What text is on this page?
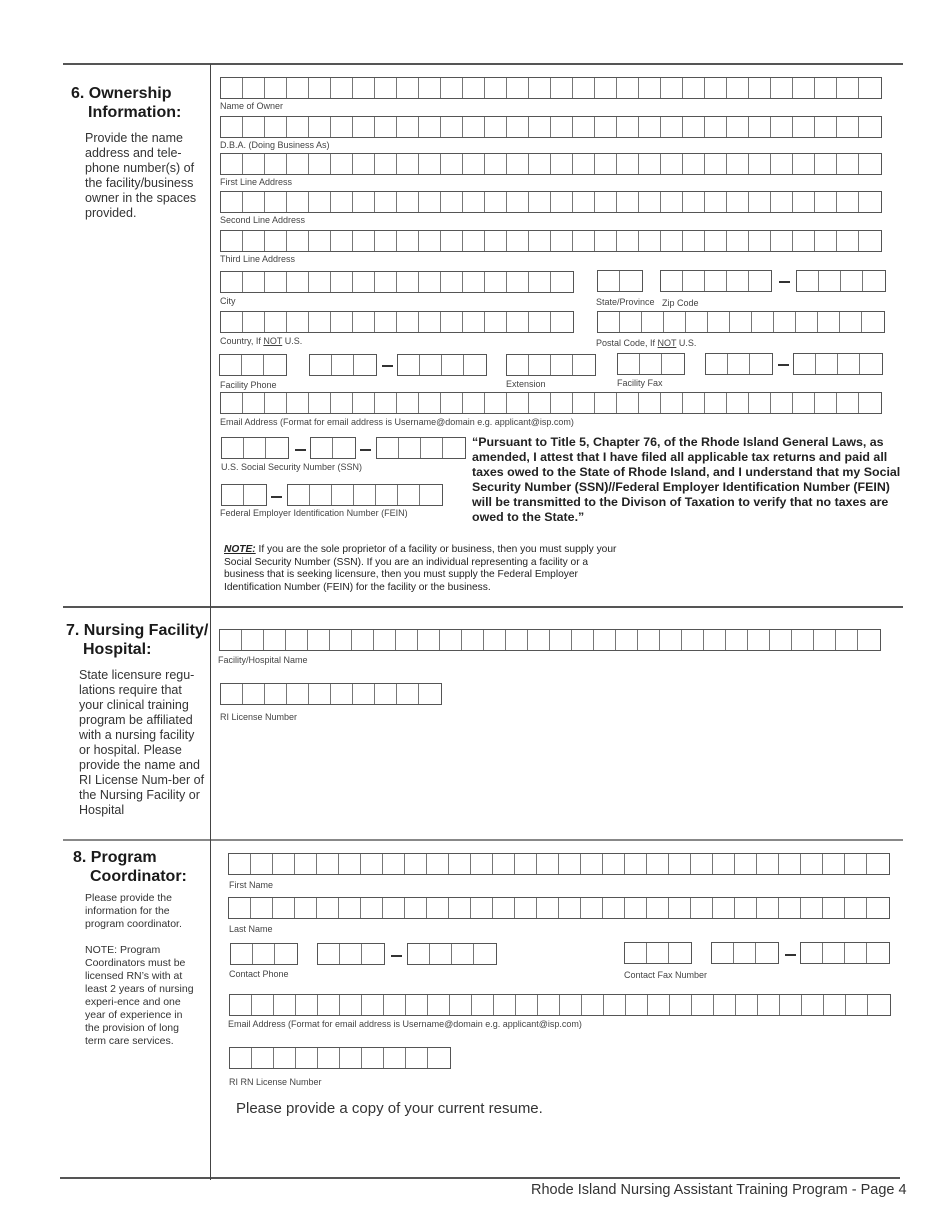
6. Ownership
Information:
Provide the name address and tele-phone number(s) of the facility/business owner in the spaces provided.
Name of Owner
D.B.A. (Doing Business As)
First Line Address
Second Line Address
Third Line Address
City	State/Province Zip Code
Country, If NOT U.S.	Postal Code, If NOT U.S.
Facility Phone	Extension	Facility Fax
Email Address (Format for email address is Username@domain e.g. applicant@isp.com)
U.S. Social Security Number (SSN)
Federal Employer Identification Number (FEIN)
“Pursuant to Title 5, Chapter 76, of the Rhode Island General Laws, as amended, I attest that I have filed all applicable tax returns and paid all taxes owed to the State of Rhode Island, and I understand that my Social Security Number (SSN)//Federal Employer Identification Number (FEIN) will be transmitted to the Divison of Taxation to verify that no taxes are owed to the State.”
NOTE: If you are the sole proprietor of a facility or business, then you must supply your Social Security Number (SSN). If you are an individual representing a facility or a business that is seeking licensure, then you must supply the Federal Employer Identification Number (FEIN) for the facility or the business.
7. Nursing Facility/
Hospital:
State licensure regu-lations require that your clinical training program be affiliated with a nursing facility or hospital. Please provide the name and RI License Num-ber of the Nursing Facility or Hospital
Facility/Hospital Name
RI License Number
8. Program
Coordinator:
Please provide the information for the program coordinator.
NOTE: Program Coordinators must be licensed RN’s with at least 2 years of nursing experi-ence and one year of experience in the provision of long term care services.
First Name
Last Name
Contact Phone	Contact Fax Number
Email Address (Format for email address is Username@domain e.g. applicant@isp.com)
RI RN License Number
Please provide a copy of your current resume.
Rhode Island Nursing Assistant Training Program - Page 4
